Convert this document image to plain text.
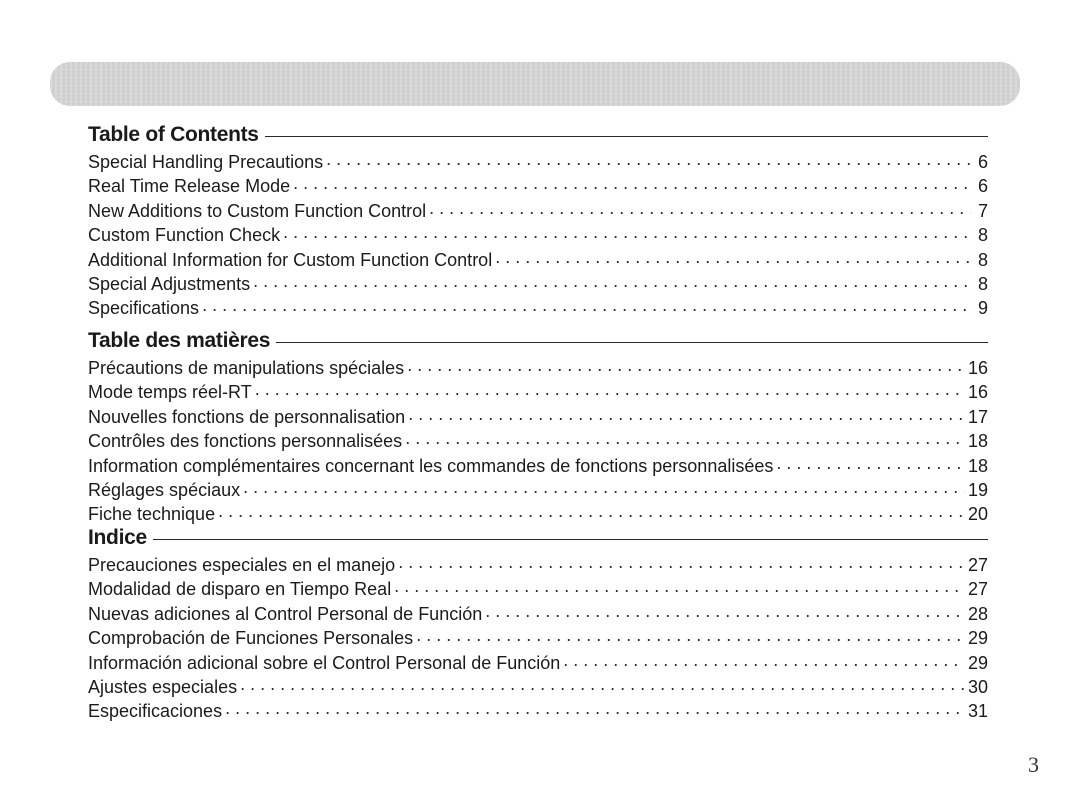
Table of Contents
Special Handling Precautions . . .	6
Real Time Release Mode . . .	6
New Additions to Custom Function Control . . .	7
Custom Function Check . . .	8
Additional Information for Custom Function Control . . .	8
Special Adjustments . . .	8
Specifications . . .	9
Table des matières
Précautions de manipulations spéciales . . .	16
Mode temps réel-RT . . .	16
Nouvelles fonctions de personnalisation . . .	17
Contrôles des fonctions personnalisées . . .	18
Information complémentaires concernant les commandes de fonctions personnalisées . . .	18
Réglages spéciaux . . .	19
Fiche technique . . .	20
Indice
Precauciones especiales en el manejo . . .	27
Modalidad de disparo en Tiempo Real . . .	27
Nuevas adiciones al Control Personal de Función . . .	28
Comprobación de Funciones Personales . . .	29
Información adicional sobre el Control Personal de Función . . .	29
Ajustes especiales . . .	30
Especificaciones . . .	31
3
